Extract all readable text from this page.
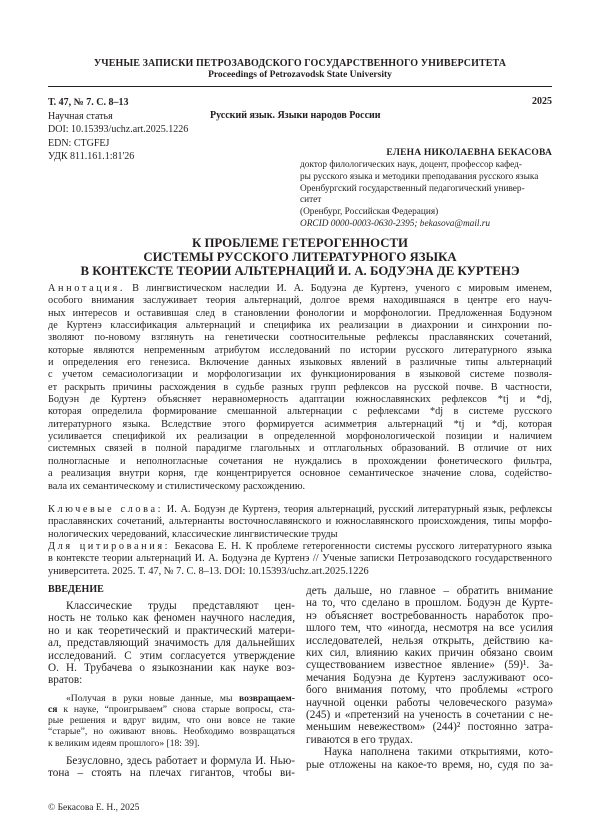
УЧЕНЫЕ ЗАПИСКИ ПЕТРОЗАВОДСКОГО ГОСУДАРСТВЕННОГО УНИВЕРСИТЕТА
Proceedings of Petrozavodsk State University
Т. 47, № 7. С. 8–13
Научная статья
DOI: 10.15393/uchz.art.2025.1226
EDN: CTGFEJ
УДК 811.161.1:81'26
2025
Русский язык. Языки народов России
ЕЛЕНА НИКОЛАЕВНА БЕКАСОВА
доктор филологических наук, доцент, профессор кафед-
ры русского языка и методики преподавания русского языка
Оренбургский государственный педагогический универ-
ситет
(Оренбург, Российская Федерация)
ORCID 0000-0003-0630-2395; bekasova@mail.ru
К ПРОБЛЕМЕ ГЕТЕРОГЕННОСТИ
СИСТЕМЫ РУССКОГО ЛИТЕРАТУРНОГО ЯЗЫКА
В КОНТЕКСТЕ ТЕОРИИ АЛЬТЕРНАЦИЙ И. А. БОДУЭНА ДЕ КУРТЕНЭ
Аннотация. В лингвистическом наследии И. А. Бодуэна де Куртенэ, ученого с мировым именем,
особого внимания заслуживает теория альтернаций, долгое время находившаяся в центре его науч-
ных интересов и оставившая след в становлении фонологии и морфонологии. Предложенная Бодуэном
де Куртенэ классификация альтернаций и специфика их реализации в диахронии и синхронии по-
зволяют по-новому взглянуть на генетически соотносительные рефлексы праславянских сочетаний,
которые являются непременным атрибутом исследований по истории русского литературного языка
и определения его генезиса. Включение данных языковых явлений в различные типы альтернаций
с учетом семасиологизации и морфологизации их функционирования в языковой системе позволя-
ет раскрыть причины расхождения в судьбе разных групп рефлексов на русской почве. В частности,
Бодуэн де Куртенэ объясняет неравномерность адаптации южнославянских рефлексов *tj и *dj,
которая определила формирование смешанной альтернации с рефлексами *dj в системе русского
литературного языка. Вследствие этого формируется асимметрия альтернаций *tj и *dj, которая
усиливается спецификой их реализации в определенной морфонологической позиции и наличием
системных связей в полной парадигме глагольных и отглагольных образований. В отличие от них
полногласные и неполногласные сочетания не нуждались в прохождении фонетического фильтра,
а реализация внутри корня, где концентрируется основное семантическое значение слова, содейство-
вала их семантическому и стилистическому расхождению.
Ключевые слова: И. А. Бодуэн де Куртенэ, теория альтернаций, русский литературный язык, рефлексы
праславянских сочетаний, альтернанты восточнославянского и южнославянского происхождения, типы морфо-
нологических чередований, классические лингвистические труды
Для цитирования: Бекасова Е. Н. К проблеме гетерогенности системы русского литературного языка
в контексте теории альтернаций И. А. Бодуэна де Куртенэ // Ученые записки Петрозаводского государственного
университета. 2025. Т. 47, № 7. С. 8–13. DOI: 10.15393/uchz.art.2025.1226
ВВЕДЕНИЕ
Классические труды представляют цен-
ность не только как феномен научного наследия,
но и как теоретический и практический матери-
ал, представляющий значимость для дальнейших
исследований. С этим согласуется утверждение
О. Н. Трубачева о языкознании как науке воз-
вратов:
«Получая в руки новые данные, мы возвращаем-
ся к науке, “проигрываем” снова старые вопросы, ста-
рые решения и вдруг видим, что они вовсе не такие
“старые”, но оживают вновь. Необходимо возвращаться
к великим идеям прошлого» [18: 39].
Безусловно, здесь работает и формула И. Нью-
тона – стоять на плечах гигантов, чтобы ви-
деть дальше, но главное – обратить внимание
на то, что сделано в прошлом. Бодуэн де Курте-
нэ объясняет востребованность наработок про-
шлого тем, что «иногда, несмотря на все усилия
исследователей, нельзя открыть, действию ка-
ких сил, влиянию каких причин обязано своим
существованием известное явление» (59)¹. За-
мечания Бодуэна де Куртенэ заслуживают осо-
бого внимания потому, что проблемы «строго
научной оценки работы человеческого разума»
(245) и «претензий на ученость в сочетании с не-
меньшим невежеством» (244)² постоянно затра-
гиваются в его трудах.
Наука наполнена такими открытиями, кото-
рые отложены на какое-то время, но, судя по за-
© Бекасова Е. Н., 2025
